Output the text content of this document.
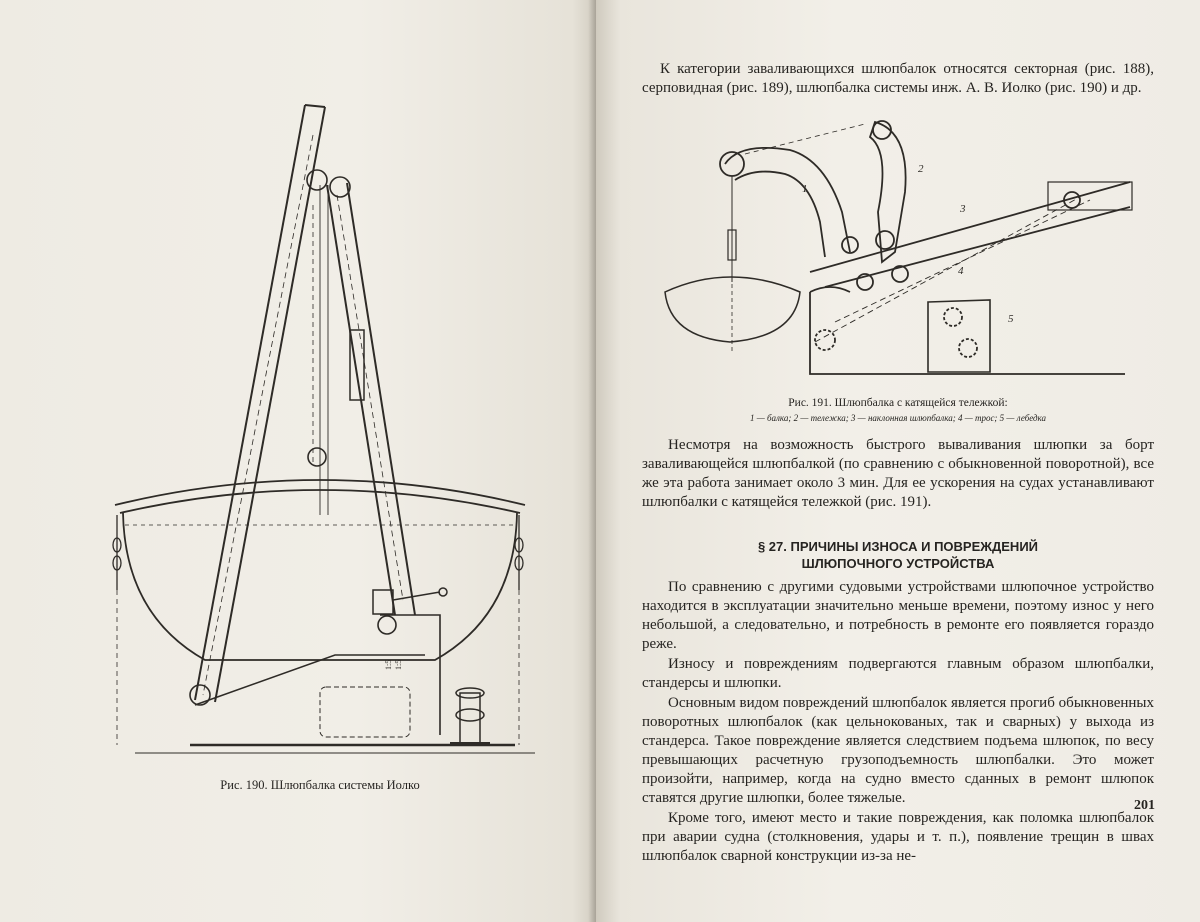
1:5 1:5
Рис. 190. Шлюпбалка системы Иолко

К категории заваливающихся шлюпбалок относятся секторная (рис. 188), серповидная (рис. 189), шлюпбалка системы инж. А. В. Иолко (рис. 190) и др.

1
2
3
4
5
Рис. 191. Шлюпбалка с катящейся тележкой:
1 — балка; 2 — тележка; 3 — наклонная шлюпбалка; 4 — трос; 5 — лебедка

Несмотря на возможность быстрого вываливания шлюпки за борт заваливающейся шлюпбалкой (по сравнению с обыкновенной поворотной), все же эта работа занимает около 3 мин. Для ее ускорения на судах устанавливают шлюпбалки с катящейся тележкой (рис. 191).

§ 27. ПРИЧИНЫ ИЗНОСА И ПОВРЕЖДЕНИЙ
ШЛЮПОЧНОГО УСТРОЙСТВА

По сравнению с другими судовыми устройствами шлюпочное устройство находится в эксплуатации значительно меньше времени, поэтому износ у него небольшой, а следовательно, и потребность в ремонте его появляется гораздо реже.

Износу и повреждениям подвергаются главным образом шлюпбалки, стандерсы и шлюпки.

Основным видом повреждений шлюпбалок является прогиб обыкновенных поворотных шлюпбалок (как цельнокованых, так и сварных) у выхода из стандерса. Такое повреждение является следствием подъема шлюпок, по весу превышающих расчетную грузоподъемность шлюпбалки. Это может произойти, например, когда на судно вместо сданных в ремонт шлюпок ставятся другие шлюпки, более тяжелые.

Кроме того, имеют место и такие повреждения, как поломка шлюпбалок при аварии судна (столкновения, удары и т. п.), появление трещин в швах шлюпбалок сварной конструкции из-за не-

201
